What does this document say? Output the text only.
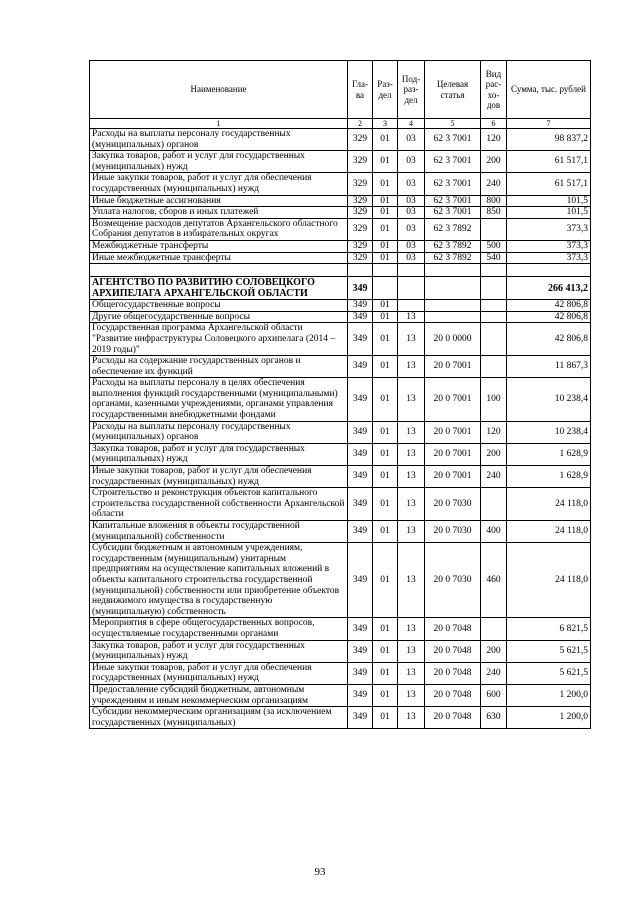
Наименование	Гла-ва	Раз-дел	Под-раз-дел	Целевая статья	Вид рас-хо-дов	Сумма, тыс. рублей
1	2	3	4	5	6	7
Расходы на выплаты персоналу государственных (муниципальных) органов	329	01	03	62 3 7001	120	98 837,2
Закупка товаров, работ и услуг для государственных (муниципальных) нужд	329	01	03	62 3 7001	200	61 517,1
Иные закупки товаров, работ и услуг для обеспечения государственных (муниципальных) нужд	329	01	03	62 3 7001	240	61 517,1
Иные бюджетные ассигнования	329	01	03	62 3 7001	800	101,5
Уплата налогов, сборов и иных платежей	329	01	03	62 3 7001	850	101,5
Возмещение расходов депутатов Архангельского областного Собрания депутатов в избирательных округах	329	01	03	62 3 7892		373,3
Межбюджетные трансферты	329	01	03	62 3 7892	500	373,3
Иные межбюджетные трансферты	329	01	03	62 3 7892	540	373,3

АГЕНТСТВО ПО РАЗВИТИЮ СОЛОВЕЦКОГО АРХИПЕЛАГА АРХАНГЕЛЬСКОЙ ОБЛАСТИ	349					266 413,2
Общегосударственные вопросы	349	01				42 806,8
Другие общегосударственные вопросы	349	01	13			42 806,8
Государственная программа Архангельской области "Развитие инфраструктуры Соловецкого архипелага (2014 – 2019 годы)"	349	01	13	20 0 0000		42 806,8
Расходы на содержание государственных органов и обеспечение их функций	349	01	13	20 0 7001		11 867,3
Расходы на выплаты персоналу в целях обеспечения выполнения функций государственными (муниципальными) органами, казенными учреждениями, органами управления государственными внебюджетными фондами	349	01	13	20 0 7001	100	10 238,4
Расходы на выплаты персоналу государственных (муниципальных) органов	349	01	13	20 0 7001	120	10 238,4
Закупка товаров, работ и услуг для государственных (муниципальных) нужд	349	01	13	20 0 7001	200	1 628,9
Иные закупки товаров, работ и услуг для обеспечения государственных (муниципальных) нужд	349	01	13	20 0 7001	240	1 628,9
Строительство и реконструкция объектов капитального строительства государственной собственности Архангельской области	349	01	13	20 0 7030		24 118,0
Капитальные вложения в объекты государственной (муниципальной) собственности	349	01	13	20 0 7030	400	24 118,0
Субсидии бюджетным и автономным учреждениям, государственным (муниципальным) унитарным предприятиям на осуществление капитальных вложений в объекты капитального строительства государственной (муниципальной) собственности или приобретение объектов недвижимого имущества в государственную (муниципальную) собственность	349	01	13	20 0 7030	460	24 118,0
Мероприятия в сфере общегосударственных вопросов, осуществляемые государственными органами	349	01	13	20 0 7048		6 821,5
Закупка товаров, работ и услуг для государственных (муниципальных) нужд	349	01	13	20 0 7048	200	5 621,5
Иные закупки товаров, работ и услуг для обеспечения государственных (муниципальных) нужд	349	01	13	20 0 7048	240	5 621,5
Предоставление субсидий бюджетным, автономным учреждениям и иным некоммерческим организациям	349	01	13	20 0 7048	600	1 200,0
Субсидии некоммерческим организациям (за исключением государственных (муниципальных)	349	01	13	20 0 7048	630	1 200,0
93
